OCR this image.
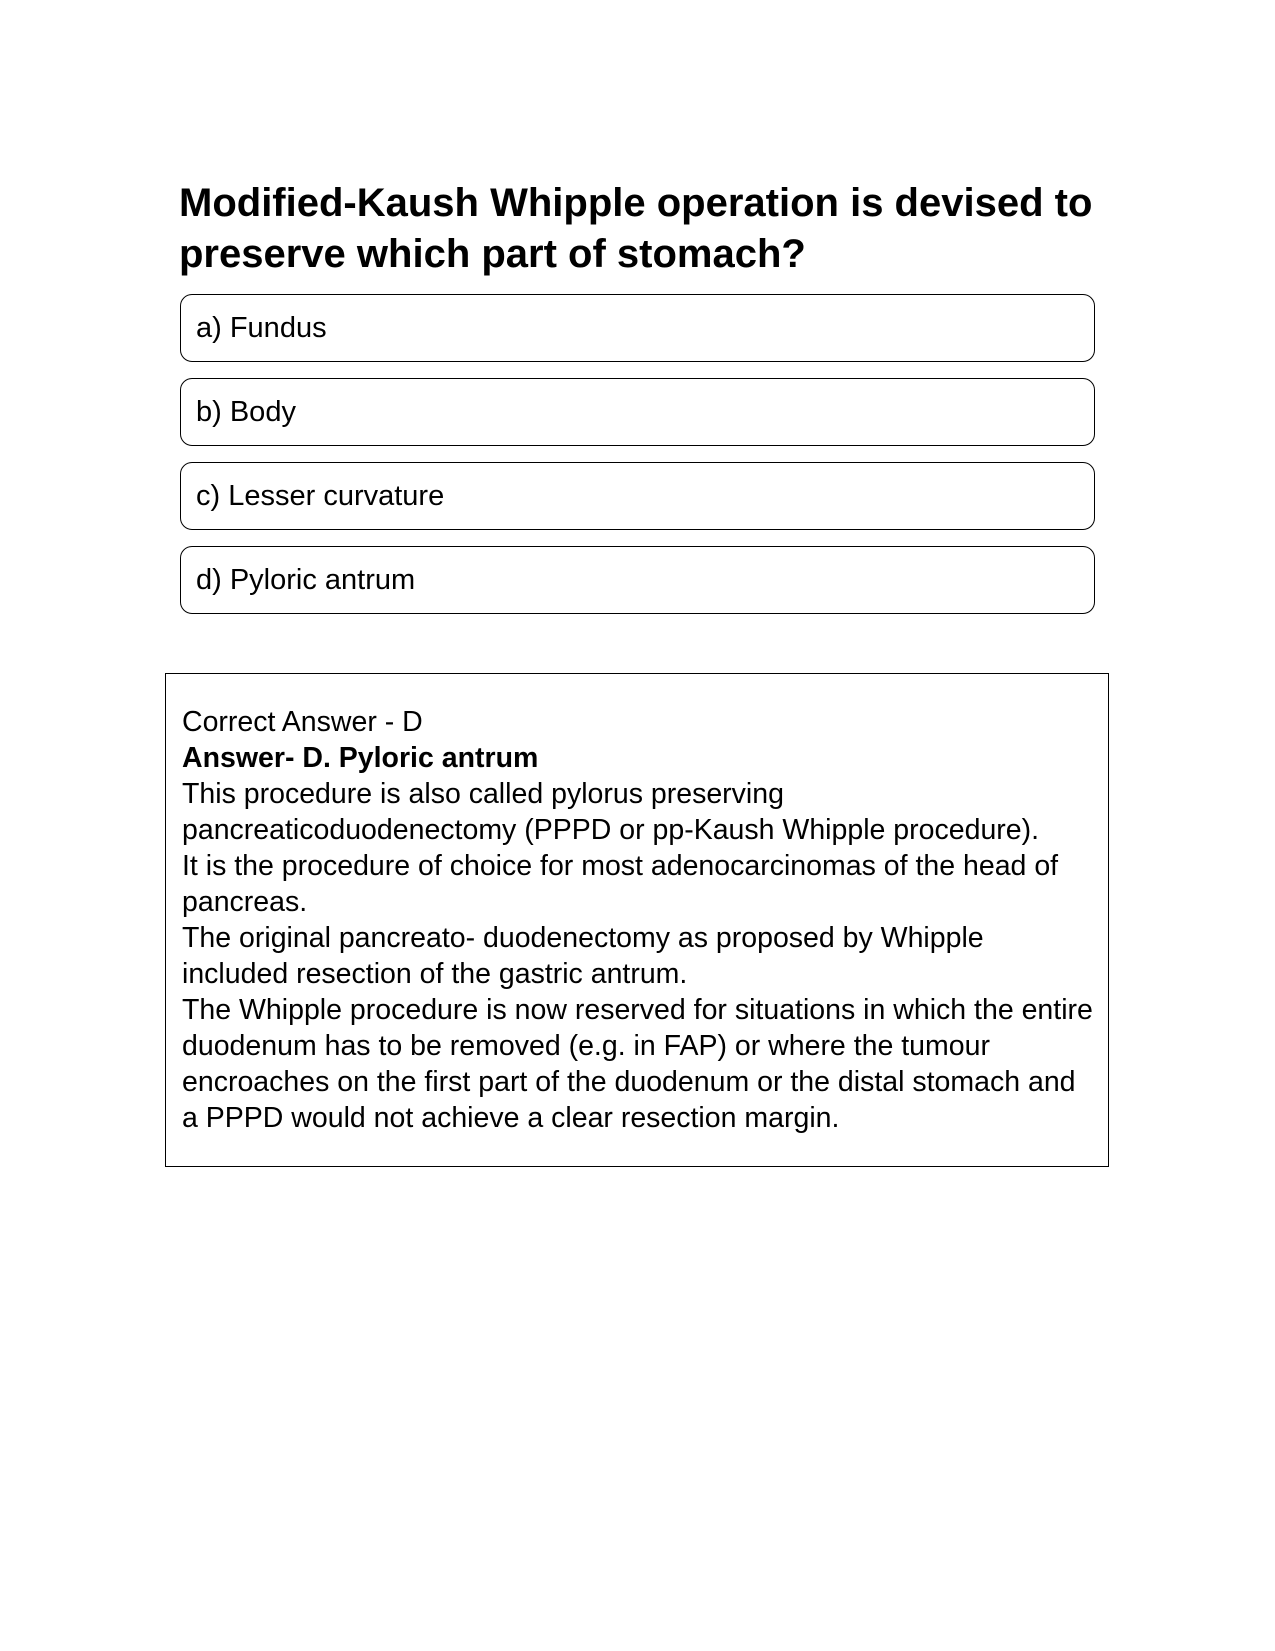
Modified-Kaush Whipple operation is devised to preserve which part of stomach?
a) Fundus
b) Body
c) Lesser curvature
d) Pyloric antrum

Correct Answer - D

Answer- D. Pyloric antrum

This procedure is also called pylorus preserving pancreaticoduodenectomy (PPPD or pp-Kaush Whipple procedure).

It is the procedure of choice for most adenocarcinomas of the head of pancreas.

The original pancreato- duodenectomy as proposed by Whipple included resection of the gastric antrum.

The Whipple procedure is now reserved for situations in which the entire duodenum has to be removed (e.g. in FAP) or where the tumour encroaches on the first part of the duodenum or the distal stomach and a PPPD would not achieve a clear resection margin.
